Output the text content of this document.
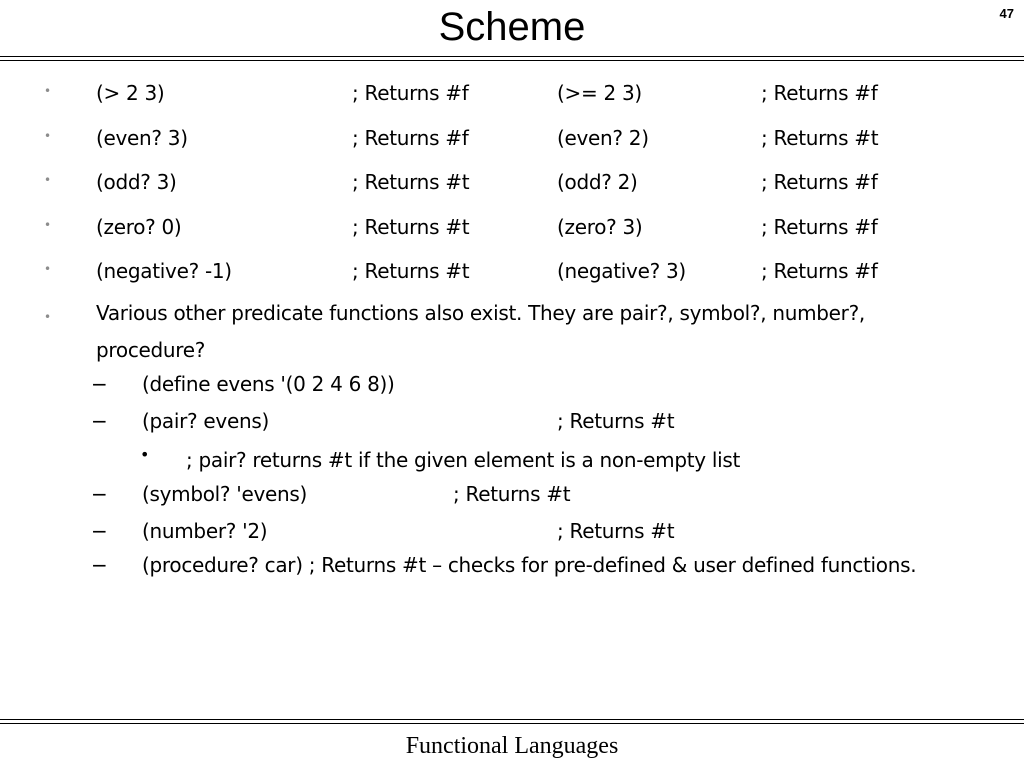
Scheme	47
• (> 2 3)	; Returns #f	(>= 2 3)	; Returns #f
• (even? 3)	; Returns #f	(even? 2)	; Returns #t
• (odd? 3)	; Returns #t	(odd? 2)	; Returns #f
• (zero? 0)	; Returns #t	(zero? 3)	; Returns #f
• (negative? -1)	; Returns #t	(negative? 3)	; Returns #f
• Various other predicate functions also exist. They are pair?, symbol?, number?, procedure?
− (define evens '(0 2 4 6 8))
− (pair? evens)	; Returns #t
• ; pair? returns #t if the given element is a non-empty list
− (symbol? 'evens)	; Returns #t
− (number? '2)	; Returns #t
− (procedure? car) ; Returns #t – checks for pre-defined & user defined functions.
Functional Languages
